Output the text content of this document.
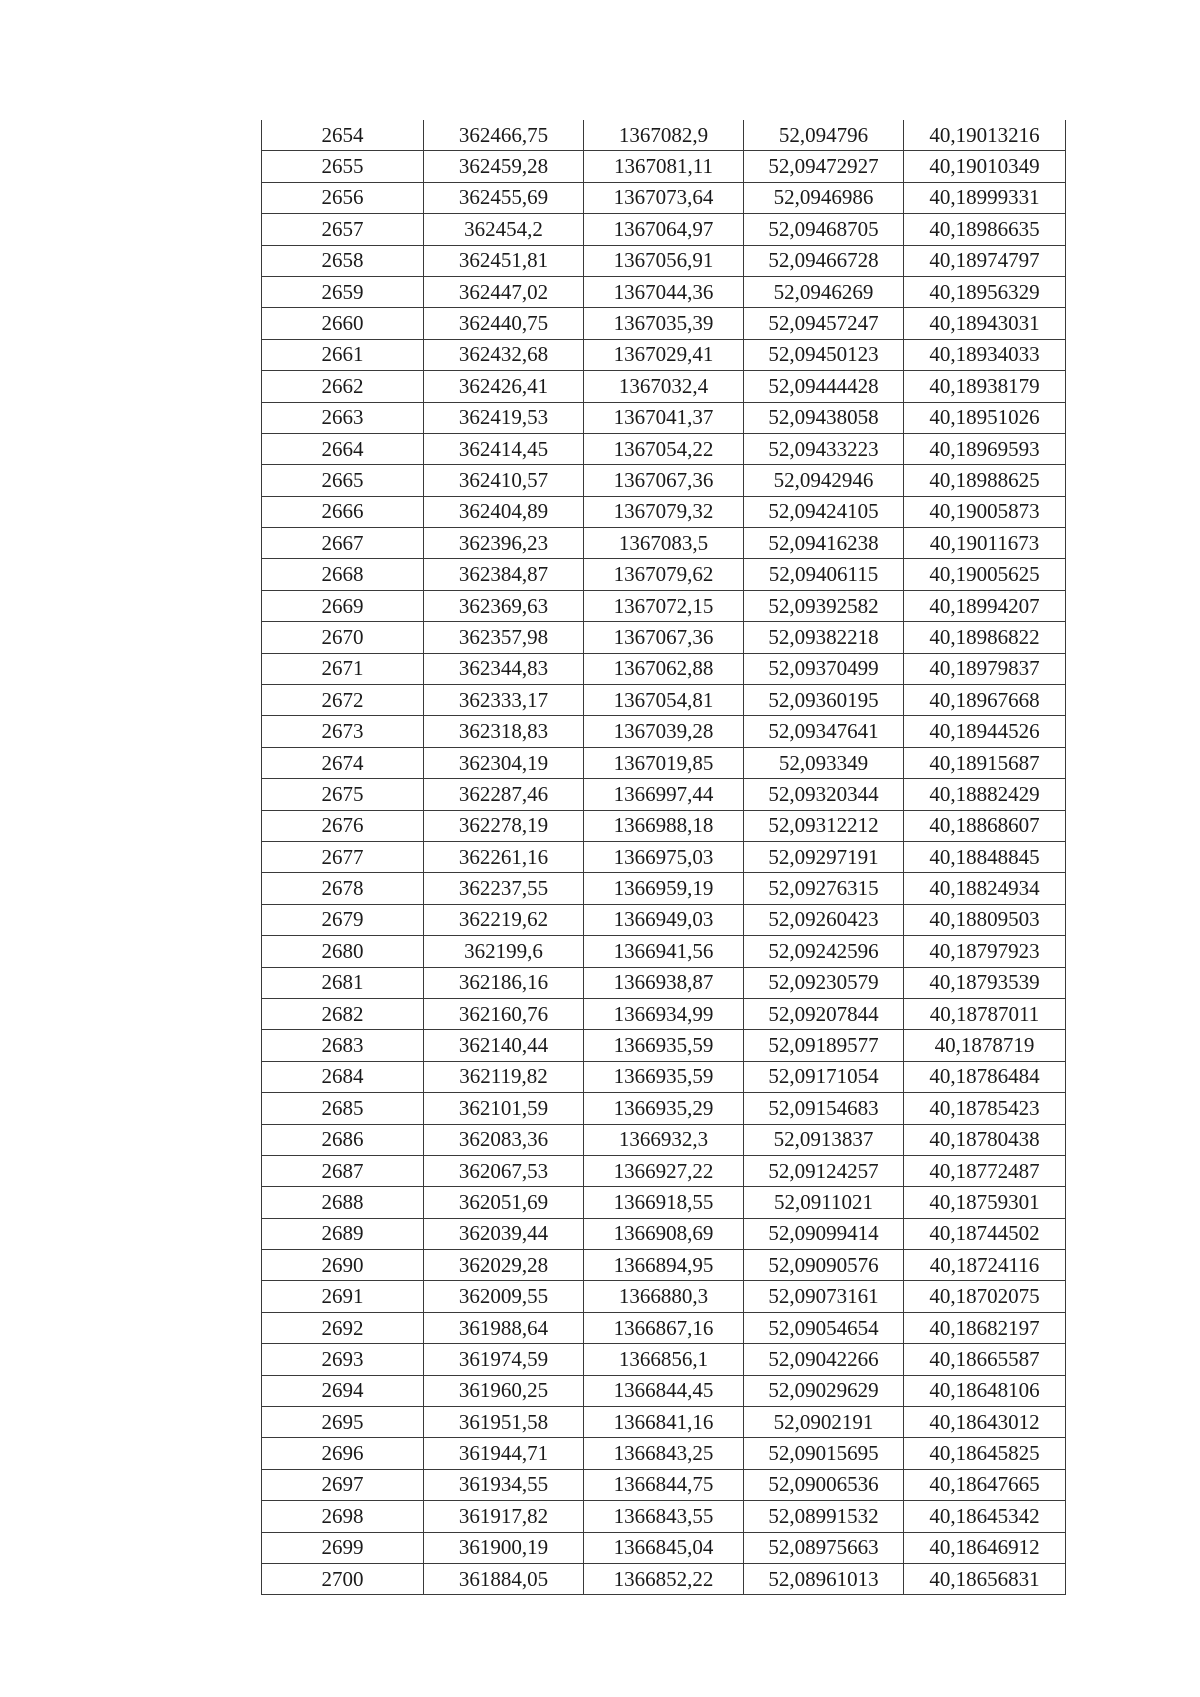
2654	362466,75	1367082,9	52,094796	40,19013216
2655	362459,28	1367081,11	52,09472927	40,19010349
2656	362455,69	1367073,64	52,0946986	40,18999331
2657	362454,2	1367064,97	52,09468705	40,18986635
2658	362451,81	1367056,91	52,09466728	40,18974797
2659	362447,02	1367044,36	52,0946269	40,18956329
2660	362440,75	1367035,39	52,09457247	40,18943031
2661	362432,68	1367029,41	52,09450123	40,18934033
2662	362426,41	1367032,4	52,09444428	40,18938179
2663	362419,53	1367041,37	52,09438058	40,18951026
2664	362414,45	1367054,22	52,09433223	40,18969593
2665	362410,57	1367067,36	52,0942946	40,18988625
2666	362404,89	1367079,32	52,09424105	40,19005873
2667	362396,23	1367083,5	52,09416238	40,19011673
2668	362384,87	1367079,62	52,09406115	40,19005625
2669	362369,63	1367072,15	52,09392582	40,18994207
2670	362357,98	1367067,36	52,09382218	40,18986822
2671	362344,83	1367062,88	52,09370499	40,18979837
2672	362333,17	1367054,81	52,09360195	40,18967668
2673	362318,83	1367039,28	52,09347641	40,18944526
2674	362304,19	1367019,85	52,093349	40,18915687
2675	362287,46	1366997,44	52,09320344	40,18882429
2676	362278,19	1366988,18	52,09312212	40,18868607
2677	362261,16	1366975,03	52,09297191	40,18848845
2678	362237,55	1366959,19	52,09276315	40,18824934
2679	362219,62	1366949,03	52,09260423	40,18809503
2680	362199,6	1366941,56	52,09242596	40,18797923
2681	362186,16	1366938,87	52,09230579	40,18793539
2682	362160,76	1366934,99	52,09207844	40,18787011
2683	362140,44	1366935,59	52,09189577	40,1878719
2684	362119,82	1366935,59	52,09171054	40,18786484
2685	362101,59	1366935,29	52,09154683	40,18785423
2686	362083,36	1366932,3	52,0913837	40,18780438
2687	362067,53	1366927,22	52,09124257	40,18772487
2688	362051,69	1366918,55	52,0911021	40,18759301
2689	362039,44	1366908,69	52,09099414	40,18744502
2690	362029,28	1366894,95	52,09090576	40,18724116
2691	362009,55	1366880,3	52,09073161	40,18702075
2692	361988,64	1366867,16	52,09054654	40,18682197
2693	361974,59	1366856,1	52,09042266	40,18665587
2694	361960,25	1366844,45	52,09029629	40,18648106
2695	361951,58	1366841,16	52,0902191	40,18643012
2696	361944,71	1366843,25	52,09015695	40,18645825
2697	361934,55	1366844,75	52,09006536	40,18647665
2698	361917,82	1366843,55	52,08991532	40,18645342
2699	361900,19	1366845,04	52,08975663	40,18646912
2700	361884,05	1366852,22	52,08961013	40,18656831
